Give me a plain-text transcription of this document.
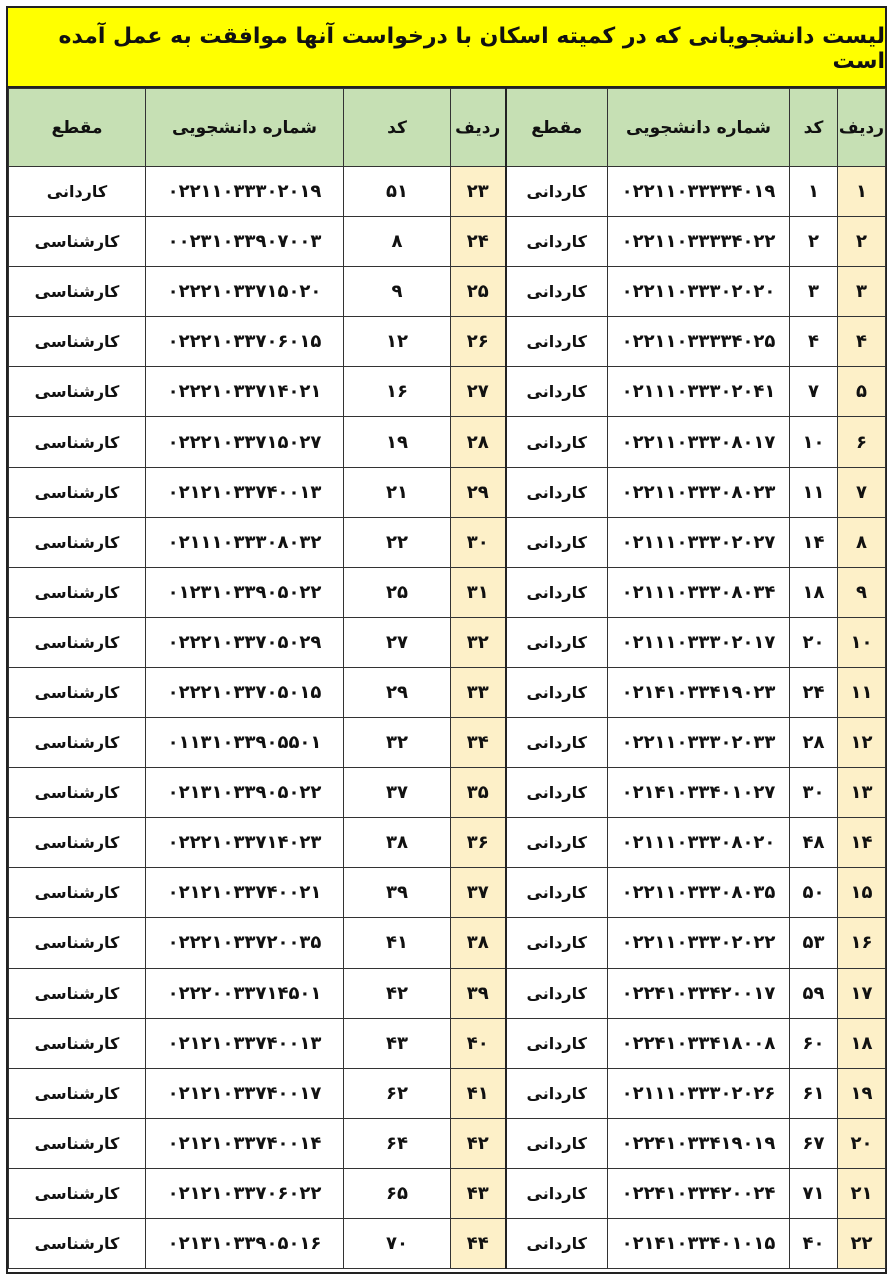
لیست دانشجویانی که در کمیته اسکان با درخواست آنها موافقت به عمل آمده است
ردیف	کد	شماره دانشجویی	مقطع	ردیف	کد	شماره دانشجویی	مقطع
۱	۱	۰۲۲۱۱۰۳۳۳۳۴۰۱۹	کاردانی	۲۳	۵۱	۰۲۲۱۱۰۳۳۳۰۲۰۱۹	کاردانی
۲	۲	۰۲۲۱۱۰۳۳۳۳۴۰۲۲	کاردانی	۲۴	۸	۰۰۲۳۱۰۳۳۹۰۷۰۰۳	کارشناسی
۳	۳	۰۲۲۱۱۰۳۳۳۰۲۰۲۰	کاردانی	۲۵	۹	۰۲۲۲۱۰۳۳۷۱۵۰۲۰	کارشناسی
۴	۴	۰۲۲۱۱۰۳۳۳۳۴۰۲۵	کاردانی	۲۶	۱۲	۰۲۲۲۱۰۳۳۷۰۶۰۱۵	کارشناسی
۵	۷	۰۲۱۱۱۰۳۳۳۰۲۰۴۱	کاردانی	۲۷	۱۶	۰۲۲۲۱۰۳۳۷۱۴۰۲۱	کارشناسی
۶	۱۰	۰۲۲۱۱۰۳۳۳۰۸۰۱۷	کاردانی	۲۸	۱۹	۰۲۲۲۱۰۳۳۷۱۵۰۲۷	کارشناسی
۷	۱۱	۰۲۲۱۱۰۳۳۳۰۸۰۲۳	کاردانی	۲۹	۲۱	۰۲۱۲۱۰۳۳۷۴۰۰۱۳	کارشناسی
۸	۱۴	۰۲۱۱۱۰۳۳۳۰۲۰۲۷	کاردانی	۳۰	۲۲	۰۲۱۱۱۰۳۳۳۰۸۰۳۲	کارشناسی
۹	۱۸	۰۲۱۱۱۰۳۳۳۰۸۰۳۴	کاردانی	۳۱	۲۵	۰۱۲۳۱۰۳۳۹۰۵۰۲۲	کارشناسی
۱۰	۲۰	۰۲۱۱۱۰۳۳۳۰۲۰۱۷	کاردانی	۳۲	۲۷	۰۲۲۲۱۰۳۳۷۰۵۰۲۹	کارشناسی
۱۱	۲۴	۰۲۱۴۱۰۳۳۴۱۹۰۲۳	کاردانی	۳۳	۲۹	۰۲۲۲۱۰۳۳۷۰۵۰۱۵	کارشناسی
۱۲	۲۸	۰۲۲۱۱۰۳۳۳۰۲۰۳۳	کاردانی	۳۴	۳۲	۰۱۱۳۱۰۳۳۹۰۵۵۰۱	کارشناسی
۱۳	۳۰	۰۲۱۴۱۰۳۳۴۰۱۰۲۷	کاردانی	۳۵	۳۷	۰۲۱۳۱۰۳۳۹۰۵۰۲۲	کارشناسی
۱۴	۴۸	۰۲۱۱۱۰۳۳۳۰۸۰۲۰	کاردانی	۳۶	۳۸	۰۲۲۲۱۰۳۳۷۱۴۰۲۳	کارشناسی
۱۵	۵۰	۰۲۲۱۱۰۳۳۳۰۸۰۳۵	کاردانی	۳۷	۳۹	۰۲۱۲۱۰۳۳۷۴۰۰۲۱	کارشناسی
۱۶	۵۳	۰۲۲۱۱۰۳۳۳۰۲۰۲۲	کاردانی	۳۸	۴۱	۰۲۲۲۱۰۳۳۷۲۰۰۳۵	کارشناسی
۱۷	۵۹	۰۲۲۴۱۰۳۳۴۲۰۰۱۷	کاردانی	۳۹	۴۲	۰۲۲۲۰۰۳۳۷۱۴۵۰۱	کارشناسی
۱۸	۶۰	۰۲۲۴۱۰۳۳۴۱۸۰۰۸	کاردانی	۴۰	۴۳	۰۲۱۲۱۰۳۳۷۴۰۰۱۳	کارشناسی
۱۹	۶۱	۰۲۱۱۱۰۳۳۳۰۲۰۲۶	کاردانی	۴۱	۶۲	۰۲۱۲۱۰۳۳۷۴۰۰۱۷	کارشناسی
۲۰	۶۷	۰۲۲۴۱۰۳۳۴۱۹۰۱۹	کاردانی	۴۲	۶۴	۰۲۱۲۱۰۳۳۷۴۰۰۱۴	کارشناسی
۲۱	۷۱	۰۲۲۴۱۰۳۳۴۲۰۰۲۴	کاردانی	۴۳	۶۵	۰۲۱۲۱۰۳۳۷۰۶۰۲۲	کارشناسی
۲۲	۴۰	۰۲۱۴۱۰۳۳۴۰۱۰۱۵	کاردانی	۴۴	۷۰	۰۲۱۳۱۰۳۳۹۰۵۰۱۶	کارشناسی
